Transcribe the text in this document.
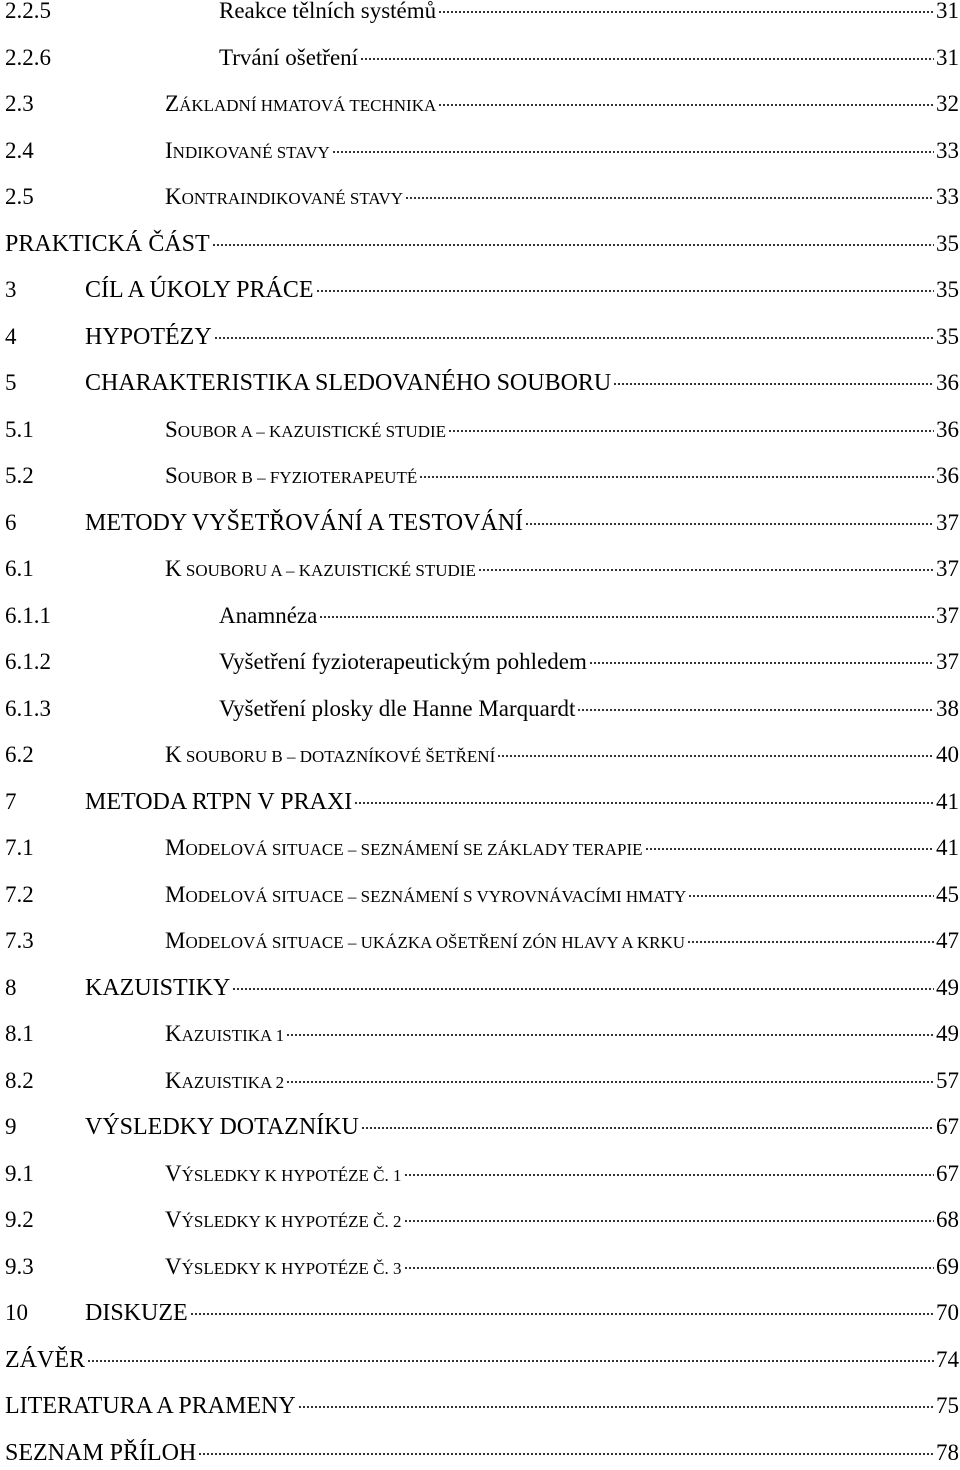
2.2.5	Reakce tělních systémů	31
2.2.6	Trvání ošetření	31
2.3	ZÁKLADNÍ HMATOVÁ TECHNIKA	32
2.4	INDIKOVANÉ STAVY	33
2.5	KONTRAINDIKOVANÉ STAVY	33
PRAKTICKÁ ČÁST	35
3	CÍL A ÚKOLY PRÁCE	35
4	HYPOTÉZY	35
5	CHARAKTERISTIKA SLEDOVANÉHO SOUBORU	36
5.1	SOUBOR A – KAZUISTICKÉ STUDIE	36
5.2	SOUBOR B – FYZIOTERAPEUTÉ	36
6	METODY VYŠETŘOVÁNÍ A TESTOVÁNÍ	37
6.1	K SOUBORU A – KAZUISTICKÉ STUDIE	37
6.1.1	Anamnéza	37
6.1.2	Vyšetření fyzioterapeutickým pohledem	37
6.1.3	Vyšetření plosky dle Hanne Marquardt	38
6.2	K SOUBORU B – DOTAZNÍKOVÉ ŠETŘENÍ	40
7	METODA RTPN V PRAXI	41
7.1	MODELOVÁ SITUACE – SEZNÁMENÍ SE ZÁKLADY TERAPIE	41
7.2	MODELOVÁ SITUACE – SEZNÁMENÍ S VYROVNÁVACÍMI HMATY	45
7.3	MODELOVÁ SITUACE – UKÁZKA OŠETŘENÍ ZÓN HLAVY A KRKU	47
8	KAZUISTIKY	49
8.1	KAZUISTIKA 1	49
8.2	KAZUISTIKA 2	57
9	VÝSLEDKY DOTAZNÍKU	67
9.1	VÝSLEDKY K HYPOTÉZE Č. 1	67
9.2	VÝSLEDKY K HYPOTÉZE Č. 2	68
9.3	VÝSLEDKY K HYPOTÉZE Č. 3	69
10	DISKUZE	70
ZÁVĚR	74
LITERATURA A PRAMENY	75
SEZNAM PŘÍLOH	78
